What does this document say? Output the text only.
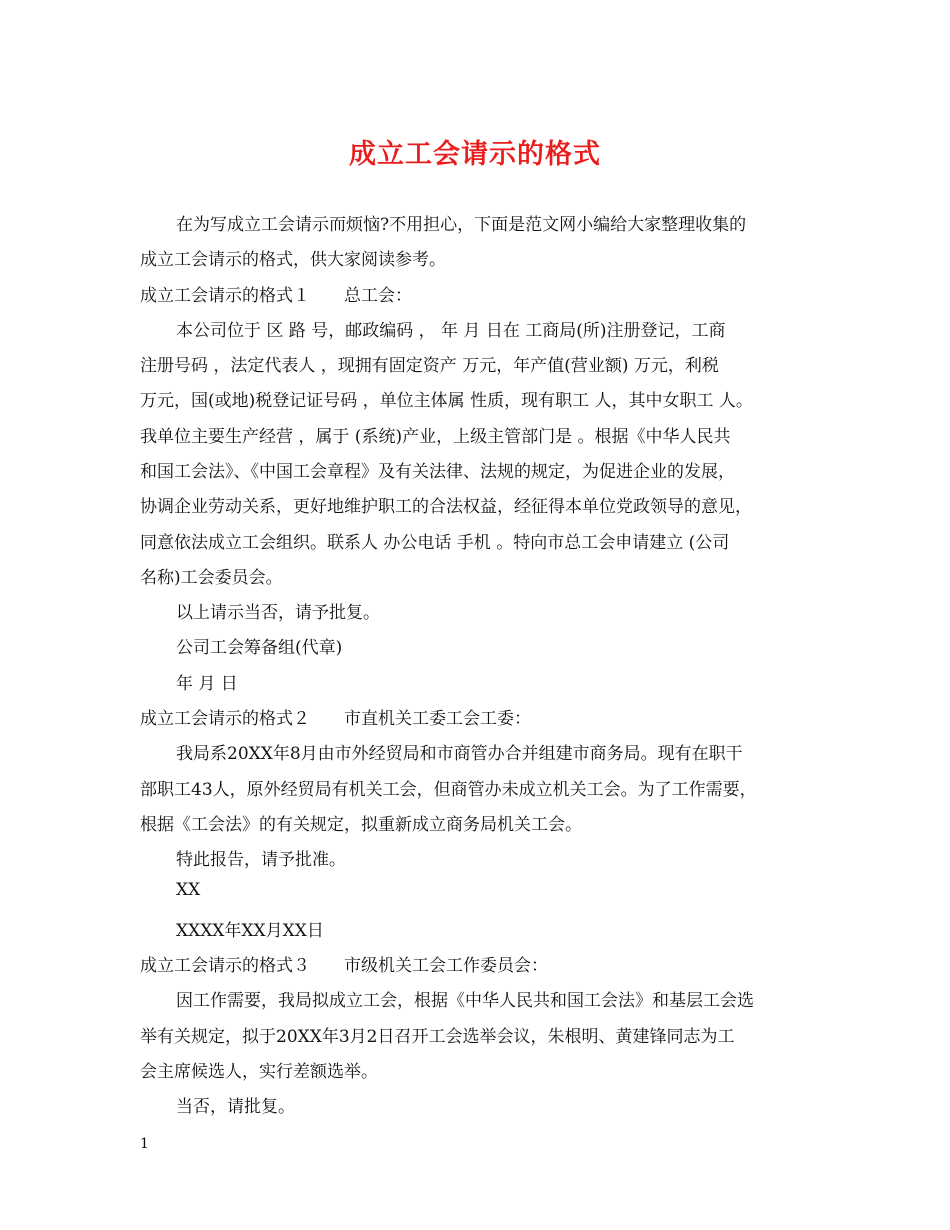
成立工会请示的格式
在为写成立工会请示而烦恼?不用担心，下面是范文网小编给大家整理收集的
成立工会请示的格式，供大家阅读参考。
成立工会请示的格式１　　总工会：
本公司位于 区 路 号，邮政编码 ， 年 月 日在 工商局(所)注册登记，工商
注册号码 ，法定代表人 ，现拥有固定资产 万元，年产值(营业额) 万元，利税
万元，国(或地)税登记证号码 ，单位主体属 性质，现有职工 人，其中女职工 人。
我单位主要生产经营 ，属于 (系统)产业，上级主管部门是 。根据《中华人民共
和国工会法》、《中国工会章程》及有关法律、法规的规定，为促进企业的发展，
协调企业劳动关系，更好地维护职工的合法权益，经征得本单位党政领导的意见，
同意依法成立工会组织。联系人 办公电话 手机 。特向市总工会申请建立 (公司
名称)工会委员会。
以上请示当否，请予批复。
公司工会筹备组(代章)
年 月 日
成立工会请示的格式２　　市直机关工委工会工委：
我局系20XX年8月由市外经贸局和市商管办合并组建市商务局。现有在职干
部职工43人，原外经贸局有机关工会，但商管办未成立机关工会。为了工作需要，
根据《工会法》的有关规定，拟重新成立商务局机关工会。
特此报告，请予批准。
XX
XXXX年XX月XX日
成立工会请示的格式３　　市级机关工会工作委员会：
因工作需要，我局拟成立工会，根据《中华人民共和国工会法》和基层工会选
举有关规定，拟于20XX年3月2日召开工会选举会议，朱根明、黄建锋同志为工
会主席候选人，实行差额选举。
当否，请批复。
1
